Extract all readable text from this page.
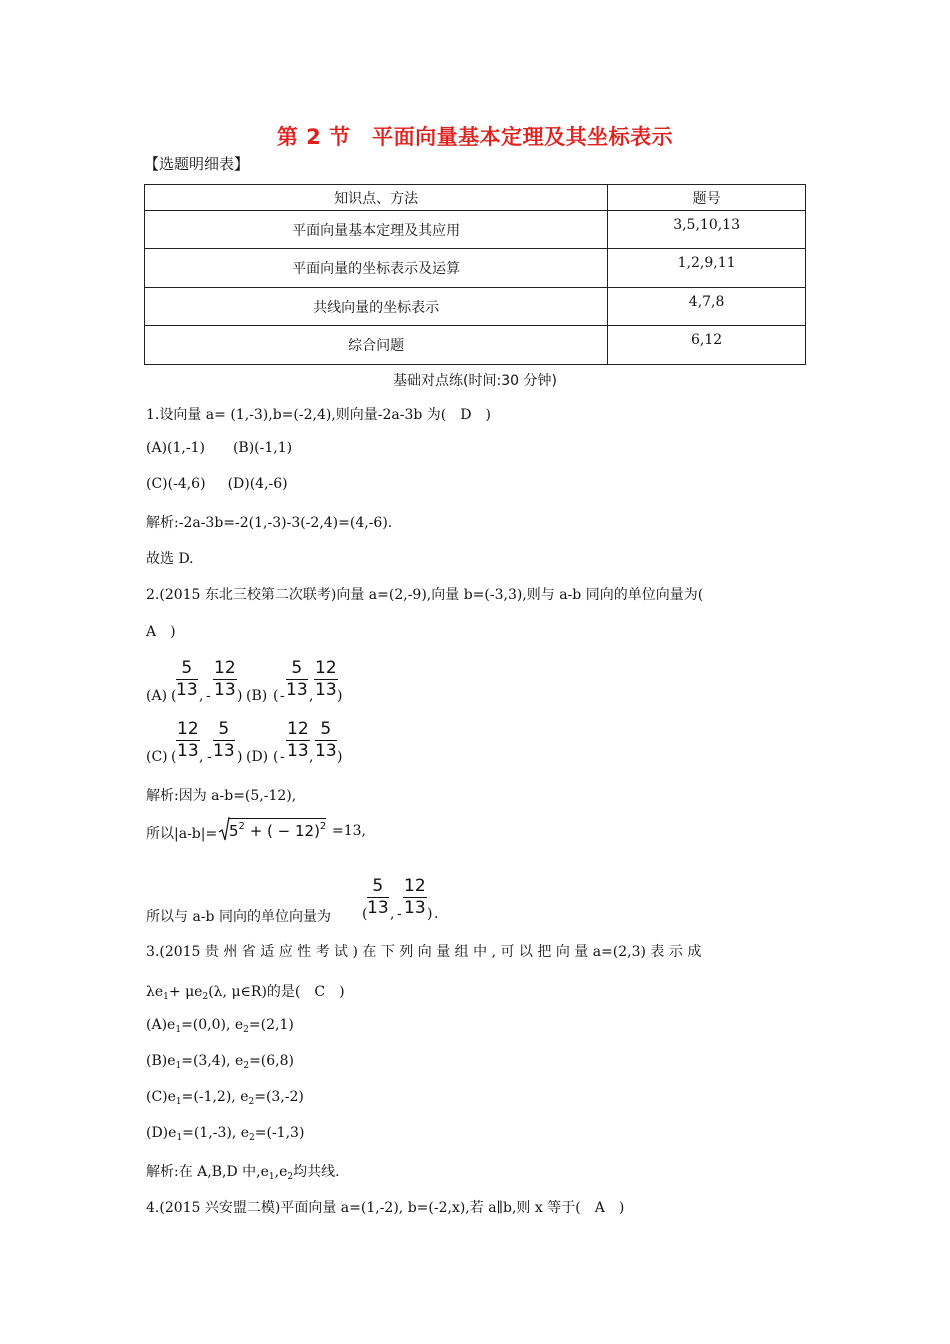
第 2 节　平面向量基本定理及其坐标表示
【选题明细表】
知识点、方法	题号
平面向量基本定理及其应用	3,5,10,13
平面向量的坐标表示及运算	1,2,9,11
共线向量的坐标表示	4,7,8
综合问题	6,12
基础对点练(时间:30 分钟)
1.设向量 a= (1,-3),b=(-2,4),则向量-2a-3b 为( D )
(A)(1,-1) (B)(-1,1)
(C)(-4,6) (D)(4,-6)
解析:-2a-3b=-2(1,-3)-3(-2,4)=(4,-6).
故选 D.
2.(2015 东北三校第二次联考)向量 a=(2,-9),向量 b=(-3,3),则与 a-b 同向的单位向量为(
A )
(A) ( $\frac{5}{13}$ , - $\frac{12}{13}$ ) (B) ( - $\frac{5}{13}$ , $\frac{12}{13}$ )
(C) ( $\frac{12}{13}$ , - $\frac{5}{13}$ ) (D) ( - $\frac{12}{13}$ , $\frac{5}{13}$ )
解析:因为 a-b=(5,-12),
所以$|a-b|= 5^2$ + ( − 12)$^2$ =13,
所以与 a-b 同向的单位向量为 ( $\frac{5}{13}$ , - $\frac{12}{13}$ ) .
3.(2015 贵 州 省 适 应 性 考 试 ) 在 下 列 向 量 组 中 , 可 以 把 向 量 a=(2,3) 表 示 成
$\lambda e_1+ \mu e_2(\lambda$, μ∈R)的是( C )
$(A)e_1=(0,0)$, $e_2=(2,1)$
$(B)e_1=(3,4)$, $e_2=(6,8)$
$(C)e_1=(-1,2)$, $e_2=(3,-2)$
$(D)e_1=(1,-3)$, $e_2=(-1,3)$
解析:在 A,B,D 中$,e_1,e_2$均共线.
4.(2015 兴安盟二模)平面向量 a=(1,-2), b=(-2,x),若 a∥b,则 x 等于( A )
